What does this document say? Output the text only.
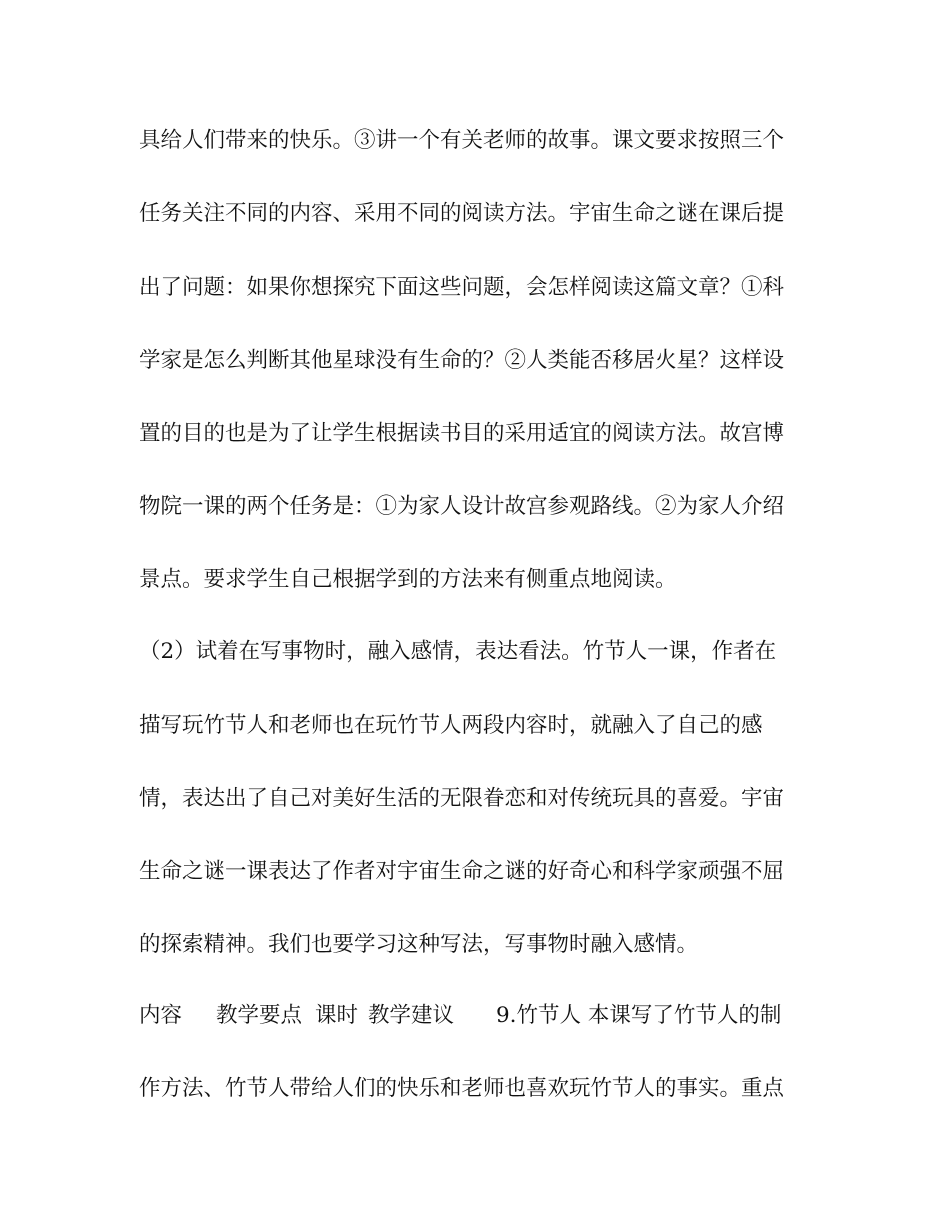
具给人们带来的快乐。③讲一个有关老师的故事。课文要求按照三个
任务关注不同的内容、采用不同的阅读方法。宇宙生命之谜在课后提
出了问题：如果你想探究下面这些问题，会怎样阅读这篇文章？①科
学家是怎么判断其他星球没有生命的？②人类能否移居火星？这样设
置的目的也是为了让学生根据读书目的采用适宜的阅读方法。故宫博
物院一课的两个任务是：①为家人设计故宫参观路线。②为家人介绍
景点。要求学生自己根据学到的方法来有侧重点地阅读。
（2）试着在写事物时，融入感情，表达看法。竹节人一课，作者在
描写玩竹节人和老师也在玩竹节人两段内容时，就融入了自己的感
情，表达出了自己对美好生活的无限眷恋和对传统玩具的喜爱。宇宙
生命之谜一课表达了作者对宇宙生命之谜的好奇心和科学家顽强不屈
的探索精神。我们也要学习这种写法，写事物时融入感情。
内容 教学要点 课时 教学建议 9.竹节人 本课写了竹节人的制
作方法、竹节人带给人们的快乐和老师也喜欢玩竹节人的事实。重点
